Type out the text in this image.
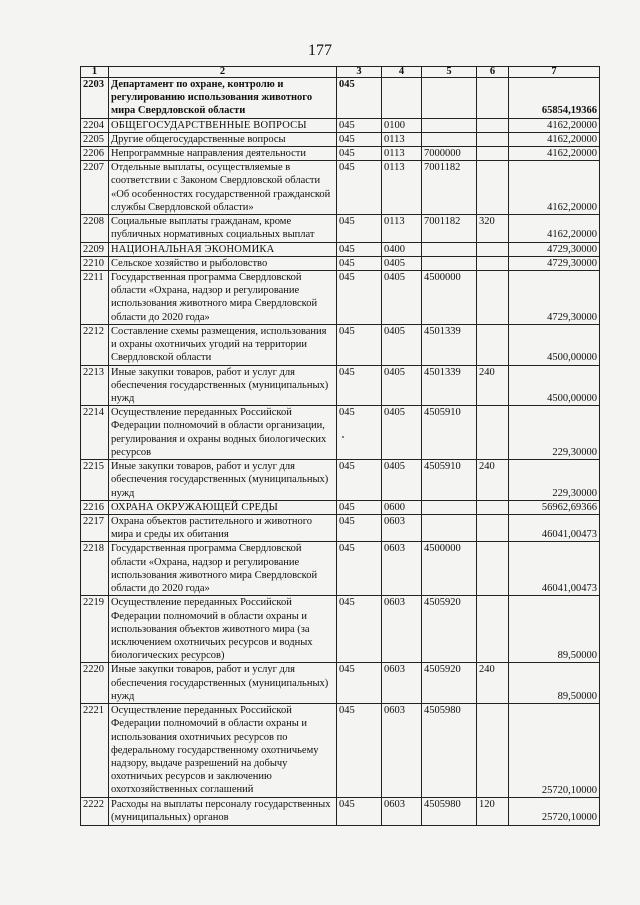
177
1	2	3	4	5	6	7
2203	Департамент по охране, контролю и регулированию использования животного мира Свердловской области	045				65854,19366
2204	ОБЩЕГОСУДАРСТВЕННЫЕ ВОПРОСЫ	045	0100			4162,20000
2205	Другие общегосударственные вопросы	045	0113			4162,20000
2206	Непрограммные направления деятельности	045	0113	7000000		4162,20000
2207	Отдельные выплаты, осуществляемые в соответствии с Законом Свердловской области «Об особенностях государственной гражданской службы Свердловской области»	045	0113	7001182		4162,20000
2208	Социальные выплаты гражданам, кроме публичных нормативных социальных выплат	045	0113	7001182	320	4162,20000
2209	НАЦИОНАЛЬНАЯ ЭКОНОМИКА	045	0400			4729,30000
2210	Сельское хозяйство и рыболовство	045	0405			4729,30000
2211	Государственная программа Свердловской области «Охрана, надзор и регулирование использования животного мира Свердловской области до 2020 года»	045	0405	4500000		4729,30000
2212	Составление схемы размещения, использования и охраны охотничьих угодий на территории Свердловской области	045	0405	4501339		4500,00000
2213	Иные закупки товаров, работ и услуг для обеспечения государственных (муниципальных) нужд	045	0405	4501339	240	4500,00000
2214	Осуществление переданных Российской Федерации полномочий в области организации, регулирования и охраны водных биологических ресурсов	045	0405	4505910		229,30000
2215	Иные закупки товаров, работ и услуг для обеспечения государственных (муниципальных) нужд	045	0405	4505910	240	229,30000
2216	ОХРАНА ОКРУЖАЮЩЕЙ СРЕДЫ	045	0600			56962,69366
2217	Охрана объектов растительного и животного мира и среды их обитания	045	0603			46041,00473
2218	Государственная программа Свердловской области «Охрана, надзор и регулирование использования животного мира Свердловской области до 2020 года»	045	0603	4500000		46041,00473
2219	Осуществление переданных Российской Федерации полномочий в области охраны и использования объектов животного мира (за исключением охотничьих ресурсов и водных биологических ресурсов)	045	0603	4505920		89,50000
2220	Иные закупки товаров, работ и услуг для обеспечения государственных (муниципальных) нужд	045	0603	4505920	240	89,50000
2221	Осуществление переданных Российской Федерации полномочий в области охраны и использования охотничьих ресурсов по федеральному государственному охотничьему надзору, выдаче разрешений на добычу охотничьих ресурсов и заключению охотхозяйственных соглашений	045	0603	4505980		25720,10000
2222	Расходы на выплаты персоналу государственных (муниципальных) органов	045	0603	4505980	120	25720,10000
